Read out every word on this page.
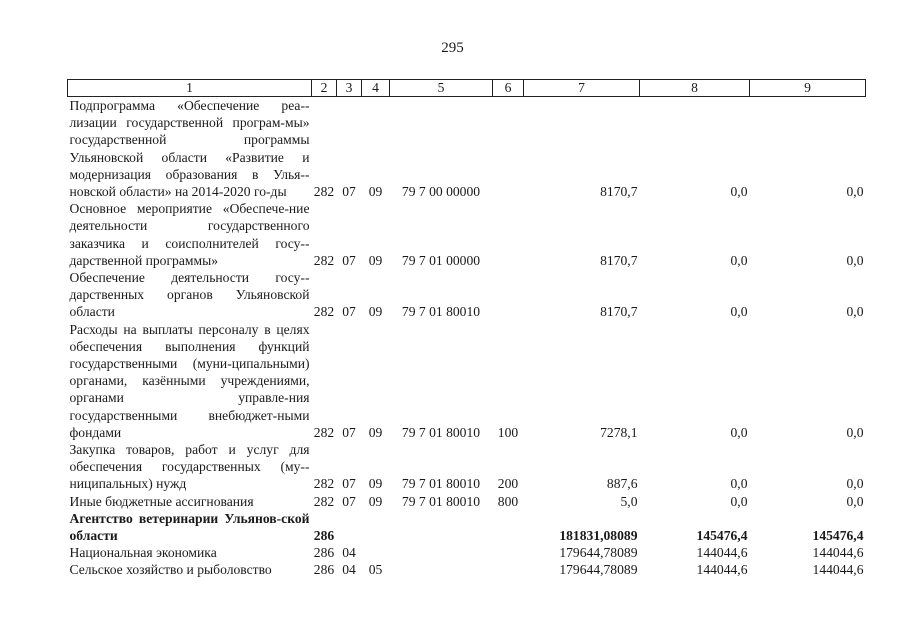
295
1	2	3	4	5	6	7	8	9
Подпрограмма «Обеспечение реа-лизации государственной програм-мы» государственной программы Ульяновской области «Развитие и модернизация образования в Улья-новской области» на 2014-2020 го-ды	282	07	09	79 7 00 00000		8170,7	0,0	0,0
Основное мероприятие «Обеспече-ние деятельности государственного заказчика и соисполнителей госу-дарственной программы»	282	07	09	79 7 01 00000		8170,7	0,0	0,0
Обеспечение деятельности госу-дарственных органов Ульяновской области	282	07	09	79 7 01 80010		8170,7	0,0	0,0
Расходы на выплаты персоналу в целях обеспечения выполнения функций государственными (муни-ципальными) органами, казёнными учреждениями, органами управле-ния государственными внебюджет-ными фондами	282	07	09	79 7 01 80010	100	7278,1	0,0	0,0
Закупка товаров, работ и услуг для обеспечения государственных (му-ниципальных) нужд	282	07	09	79 7 01 80010	200	887,6	0,0	0,0
Иные бюджетные ассигнования	282	07	09	79 7 01 80010	800	5,0	0,0	0,0
Агентство ветеринарии Ульянов-ской области	286					181831,08089	145476,4	145476,4
Национальная экономика	286	04				179644,78089	144044,6	144044,6
Сельское хозяйство и рыболовство	286	04	05			179644,78089	144044,6	144044,6
